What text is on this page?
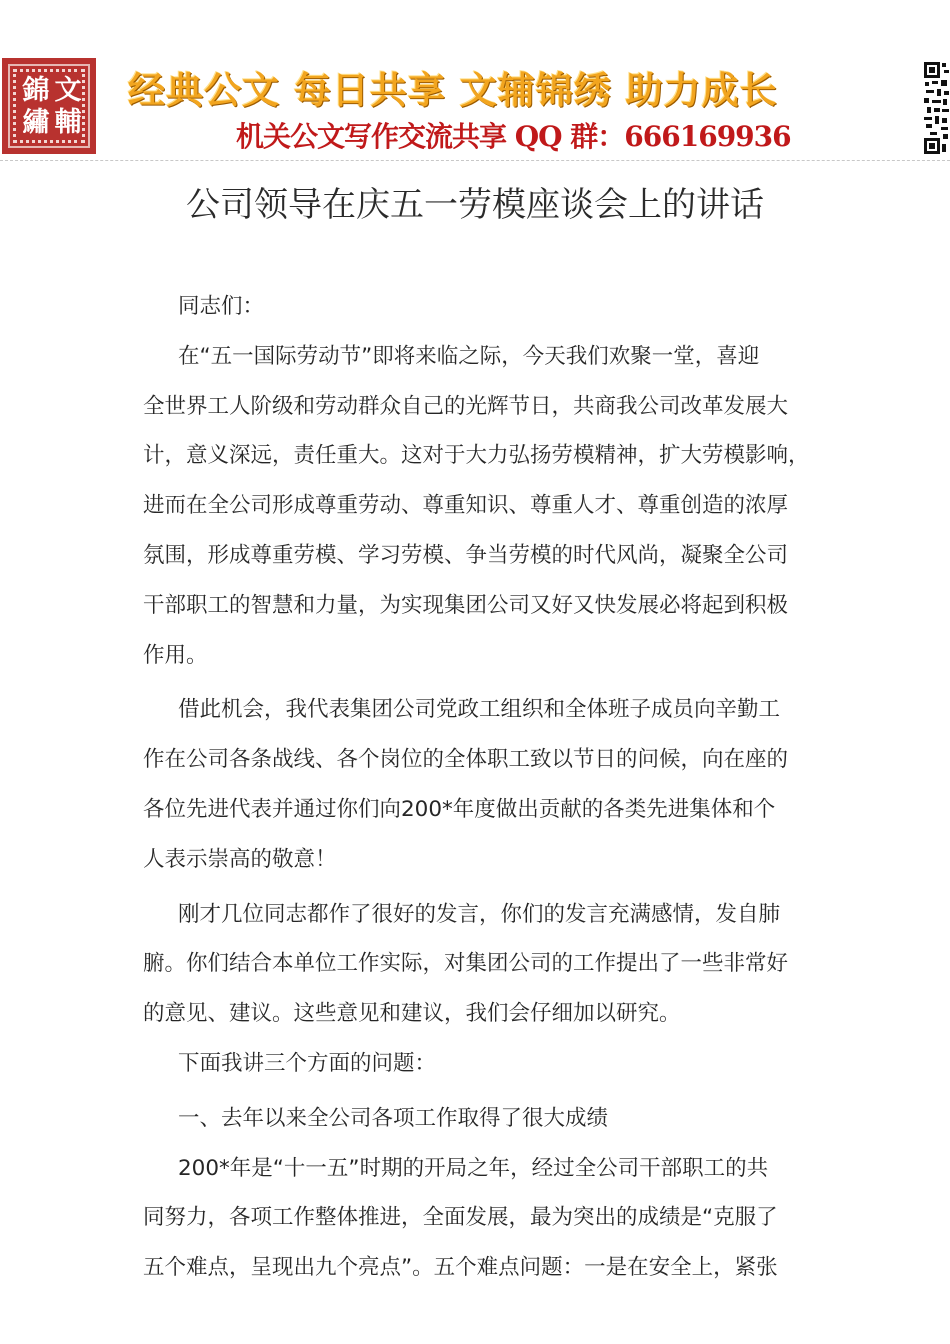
錦 文
繡 輔
经典公文 每日共享 文辅锦绣 助力成长
机关公文写作交流共享 QQ 群：666169936
公司领导在庆五一劳模座谈会上的讲话
同志们：
在“五一国际劳动节”即将来临之际，今天我们欢聚一堂，喜迎
全世界工人阶级和劳动群众自己的光辉节日，共商我公司改革发展大
计，意义深远，责任重大。这对于大力弘扬劳模精神，扩大劳模影响，
进而在全公司形成尊重劳动、尊重知识、尊重人才、尊重创造的浓厚
氛围，形成尊重劳模、学习劳模、争当劳模的时代风尚，凝聚全公司
干部职工的智慧和力量，为实现集团公司又好又快发展必将起到积极
作用。
借此机会，我代表集团公司党政工组织和全体班子成员向辛勤工
作在公司各条战线、各个岗位的全体职工致以节日的问候，向在座的
各位先进代表并通过你们向200*年度做出贡献的各类先进集体和个
人表示崇高的敬意！
刚才几位同志都作了很好的发言，你们的发言充满感情，发自肺
腑。你们结合本单位工作实际，对集团公司的工作提出了一些非常好
的意见、建议。这些意见和建议，我们会仔细加以研究。
下面我讲三个方面的问题：
一、去年以来全公司各项工作取得了很大成绩
200*年是“十一五”时期的开局之年，经过全公司干部职工的共
同努力，各项工作整体推进，全面发展，最为突出的成绩是“克服了
五个难点，呈现出九个亮点”。五个难点问题：一是在安全上，紧张
